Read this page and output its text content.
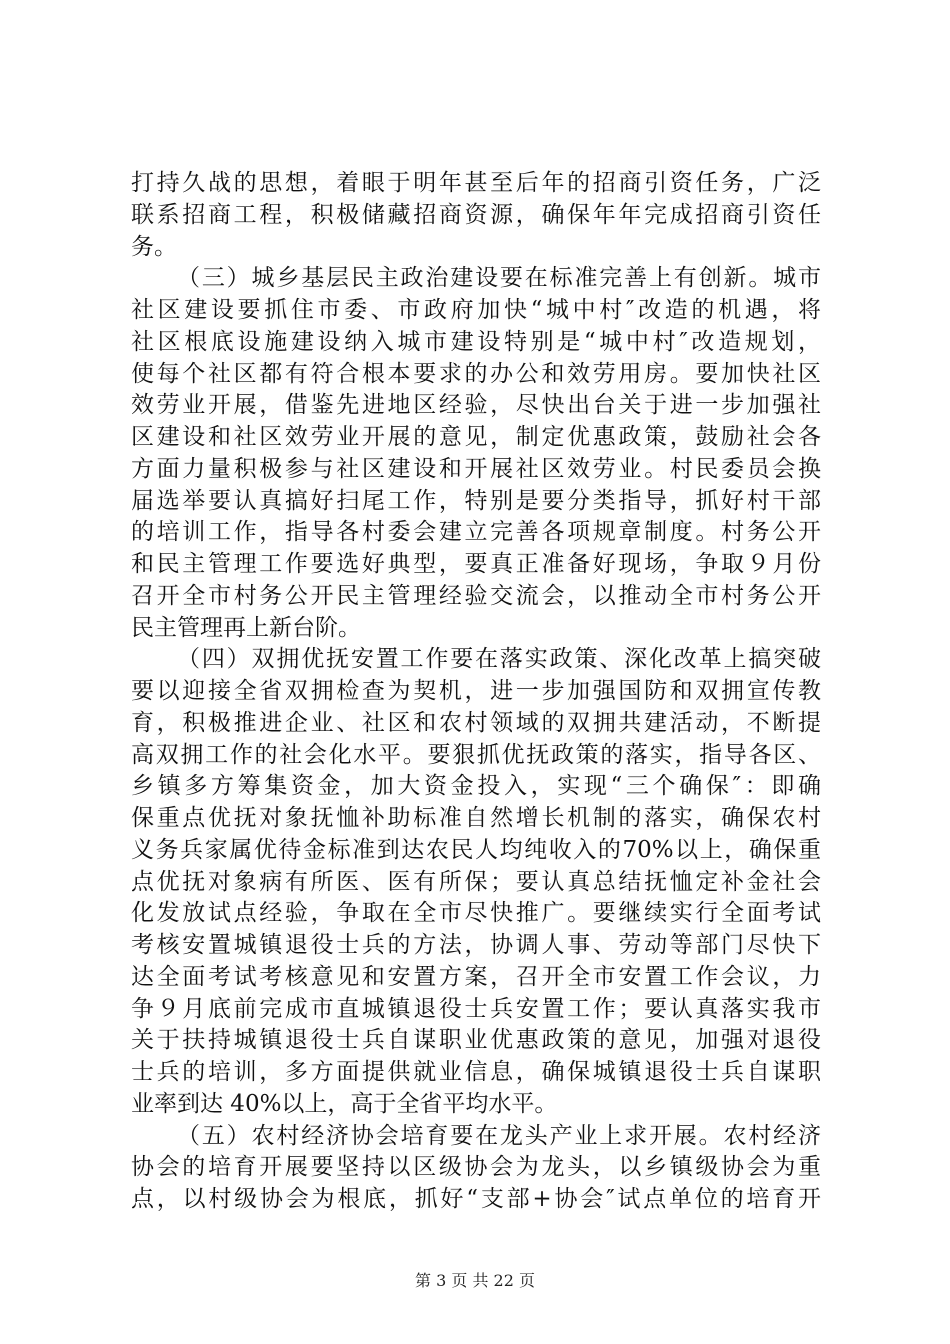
打持久战的思想，着眼于明年甚至后年的招商引资任务，广泛
联系招商工程，积极储藏招商资源，确保年年完成招商引资任
务。
（三）城乡基层民主政治建设要在标准完善上有创新。城市
社区建设要抓住市委、市政府加快“城中村″改造的机遇，将
社区根底设施建设纳入城市建设特别是“城中村″改造规划，
使每个社区都有符合根本要求的办公和效劳用房。要加快社区
效劳业开展，借鉴先进地区经验，尽快出台关于进一步加强社
区建设和社区效劳业开展的意见，制定优惠政策，鼓励社会各
方面力量积极参与社区建设和开展社区效劳业。村民委员会换
届选举要认真搞好扫尾工作，特别是要分类指导，抓好村干部
的培训工作，指导各村委会建立完善各项规章制度。村务公开
和民主管理工作要选好典型，要真正准备好现场，争取９月份
召开全市村务公开民主管理经验交流会，以推动全市村务公开
民主管理再上新台阶。
（四）双拥优抚安置工作要在落实政策、深化改革上搞突破
要以迎接全省双拥检查为契机，进一步加强国防和双拥宣传教
育，积极推进企业、社区和农村领域的双拥共建活动，不断提
高双拥工作的社会化水平。要狠抓优抚政策的落实，指导各区、
乡镇多方筹集资金，加大资金投入，实现“三个确保″：即确
保重点优抚对象抚恤补助标准自然增长机制的落实，确保农村
义务兵家属优待金标准到达农民人均纯收入的70%以上，确保重
点优抚对象病有所医、医有所保；要认真总结抚恤定补金社会
化发放试点经验，争取在全市尽快推广。要继续实行全面考试
考核安置城镇退役士兵的方法，协调人事、劳动等部门尽快下
达全面考试考核意见和安置方案，召开全市安置工作会议，力
争９月底前完成市直城镇退役士兵安置工作；要认真落实我市
关于扶持城镇退役士兵自谋职业优惠政策的意见，加强对退役
士兵的培训，多方面提供就业信息，确保城镇退役士兵自谋职
业率到达 40%以上，高于全省平均水平。
（五）农村经济协会培育要在龙头产业上求开展。农村经济
协会的培育开展要坚持以区级协会为龙头，以乡镇级协会为重
点，以村级协会为根底，抓好“支部+协会″试点单位的培育开
第 3 页 共 22 页
